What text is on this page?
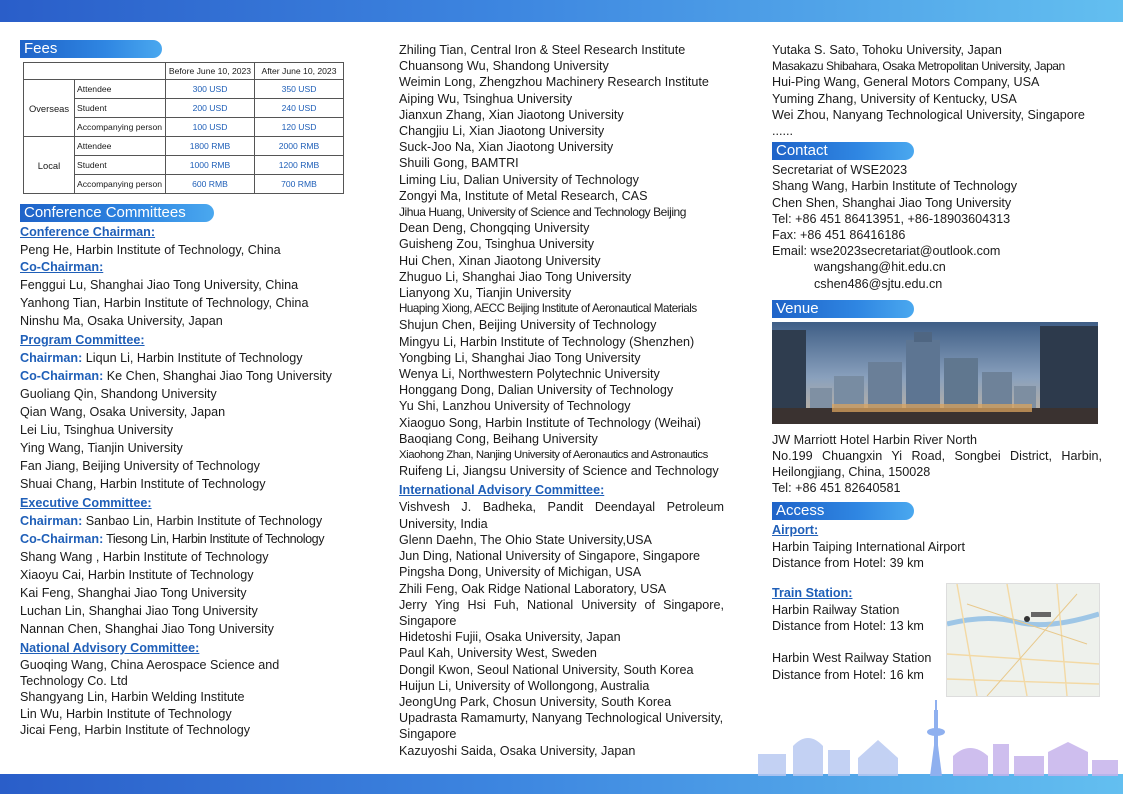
Fees
		Before June 10, 2023	After June 10, 2023
Overseas	Attendee	300 USD	350 USD
	Student	200 USD	240 USD
	Accompanying person	100 USD	120 USD
Local	Attendee	1800 RMB	2000 RMB
	Student	1000 RMB	1200 RMB
	Accompanying person	600 RMB	700 RMB
Conference Committees
Conference Chairman:
Peng He, Harbin Institute of Technology, China
Co-Chairman:
Fenggui Lu, Shanghai Jiao Tong University, China
Yanhong Tian, Harbin Institute of Technology, China
Ninshu Ma, Osaka University, Japan
Program Committee:
Chairman: Liqun Li, Harbin Institute of Technology
Co-Chairman: Ke Chen, Shanghai Jiao Tong University
Guoliang Qin, Shandong University
Qian Wang, Osaka University, Japan
Lei Liu, Tsinghua University
Ying Wang, Tianjin University
Fan Jiang, Beijing University of Technology
Shuai Chang, Harbin Institute of Technology
Executive Committee:
Chairman: Sanbao Lin, Harbin Institute of Technology
Co-Chairman: Tiesong Lin, Harbin Institute of Technology
Shang Wang , Harbin Institute of Technology
Xiaoyu Cai, Harbin Institute of Technology
Kai Feng, Shanghai Jiao Tong University
Luchan Lin, Shanghai Jiao Tong University
Nannan Chen, Shanghai Jiao Tong University
National Advisory Committee:
Guoqing Wang, China Aerospace Science and
Technology Co. Ltd
Shangyang Lin, Harbin Welding Institute
Lin Wu, Harbin Institute of Technology
Jicai Feng, Harbin Institute of Technology
Zhiling Tian, Central Iron & Steel Research Institute
Chuansong Wu, Shandong University
Weimin Long, Zhengzhou Machinery Research Institute
Aiping Wu, Tsinghua University
Jianxun Zhang, Xian Jiaotong University
Changjiu Li, Xian Jiaotong University
Suck-Joo Na, Xian Jiaotong University
Shuili Gong, BAMTRI
Liming Liu, Dalian University of Technology
Zongyi Ma, Institute of Metal Research, CAS
Jihua Huang, University of Science and Technology Beijing
Dean Deng, Chongqing University
Guisheng Zou, Tsinghua University
Hui Chen, Xinan Jiaotong University
Zhuguo Li, Shanghai Jiao Tong University
Lianyong Xu, Tianjin University
Huaping Xiong, AECC Beijing Institute of Aeronautical Materials
Shujun Chen, Beijing University of Technology
Mingyu Li, Harbin Institute of Technology (Shenzhen)
Yongbing Li, Shanghai Jiao Tong University
Wenya Li, Northwestern Polytechnic University
Honggang Dong, Dalian University of Technology
Yu Shi, Lanzhou University of Technology
Xiaoguo Song, Harbin Institute of Technology (Weihai)
Baoqiang Cong, Beihang University
Xiaohong Zhan, Nanjing University of Aeronautics and Astronautics
Ruifeng Li, Jiangsu University of Science and Technology
International Advisory Committee:
Vishvesh J. Badheka, Pandit Deendayal Petroleum University, India
Glenn Daehn, The Ohio State University,USA
Jun Ding, National University of Singapore, Singapore
Pingsha Dong, University of Michigan, USA
Zhili Feng, Oak Ridge National Laboratory, USA
Jerry Ying Hsi Fuh, National University of Singapore, Singapore
Hidetoshi Fujii, Osaka University, Japan
Paul Kah, University West, Sweden
Dongil Kwon, Seoul National University, South Korea
Huijun Li, University of Wollongong, Australia
JeongUng Park, Chosun University, South Korea
Upadrasta Ramamurty, Nanyang Technological University, Singapore
Kazuyoshi Saida, Osaka University, Japan
Yutaka S. Sato, Tohoku University, Japan
Masakazu Shibahara, Osaka Metropolitan University, Japan
Hui-Ping Wang, General Motors Company, USA
Yuming Zhang, University of Kentucky, USA
Wei Zhou, Nanyang Technological University, Singapore
......
Contact
Secretariat of WSE2023
Shang Wang, Harbin Institute of Technology
Chen Shen, Shanghai Jiao Tong University
Tel: +86 451 86413951, +86-18903604313
Fax: +86 451 86416186
Email: wse2023secretariat@outlook.com
wangshang@hit.edu.cn
cshen486@sjtu.edu.cn
Venue
JW Marriott Hotel Harbin River North
No.199 Chuangxin Yi Road, Songbei District, Harbin, Heilongjiang, China, 150028
Tel: +86 451 82640581
Access
Airport:
Harbin Taiping International Airport
Distance from Hotel: 39 km
Train Station:
Harbin Railway Station
Distance from Hotel: 13 km
Harbin West Railway Station
Distance from Hotel: 16 km
